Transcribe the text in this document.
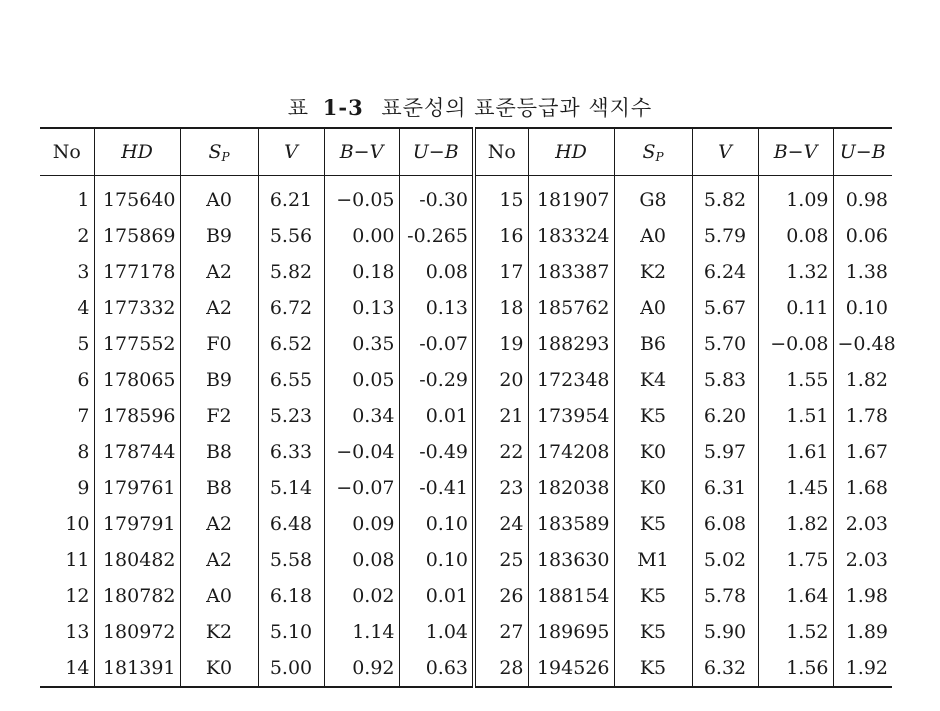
표 1-3 표준성의 표준등급과 색지수
No	HD	$S_P$	V	B−V	U−B	No	HD	$S_P$	V	B−V	U−B
1	175640	A0	6.21	−0.05	-0.30	15	181907	G8	5.82	1.09	0.98
2	175869	B9	5.56	0.00	-0.265	16	183324	A0	5.79	0.08	0.06
3	177178	A2	5.82	0.18	0.08	17	183387	K2	6.24	1.32	1.38
4	177332	A2	6.72	0.13	0.13	18	185762	A0	5.67	0.11	0.10
5	177552	F0	6.52	0.35	-0.07	19	188293	B6	5.70	−0.08	−0.48
6	178065	B9	6.55	0.05	-0.29	20	172348	K4	5.83	1.55	1.82
7	178596	F2	5.23	0.34	0.01	21	173954	K5	6.20	1.51	1.78
8	178744	B8	6.33	−0.04	-0.49	22	174208	K0	5.97	1.61	1.67
9	179761	B8	5.14	−0.07	-0.41	23	182038	K0	6.31	1.45	1.68
10	179791	A2	6.48	0.09	0.10	24	183589	K5	6.08	1.82	2.03
11	180482	A2	5.58	0.08	0.10	25	183630	M1	5.02	1.75	2.03
12	180782	A0	6.18	0.02	0.01	26	188154	K5	5.78	1.64	1.98
13	180972	K2	5.10	1.14	1.04	27	189695	K5	5.90	1.52	1.89
14	181391	K0	5.00	0.92	0.63	28	194526	K5	6.32	1.56	1.92
